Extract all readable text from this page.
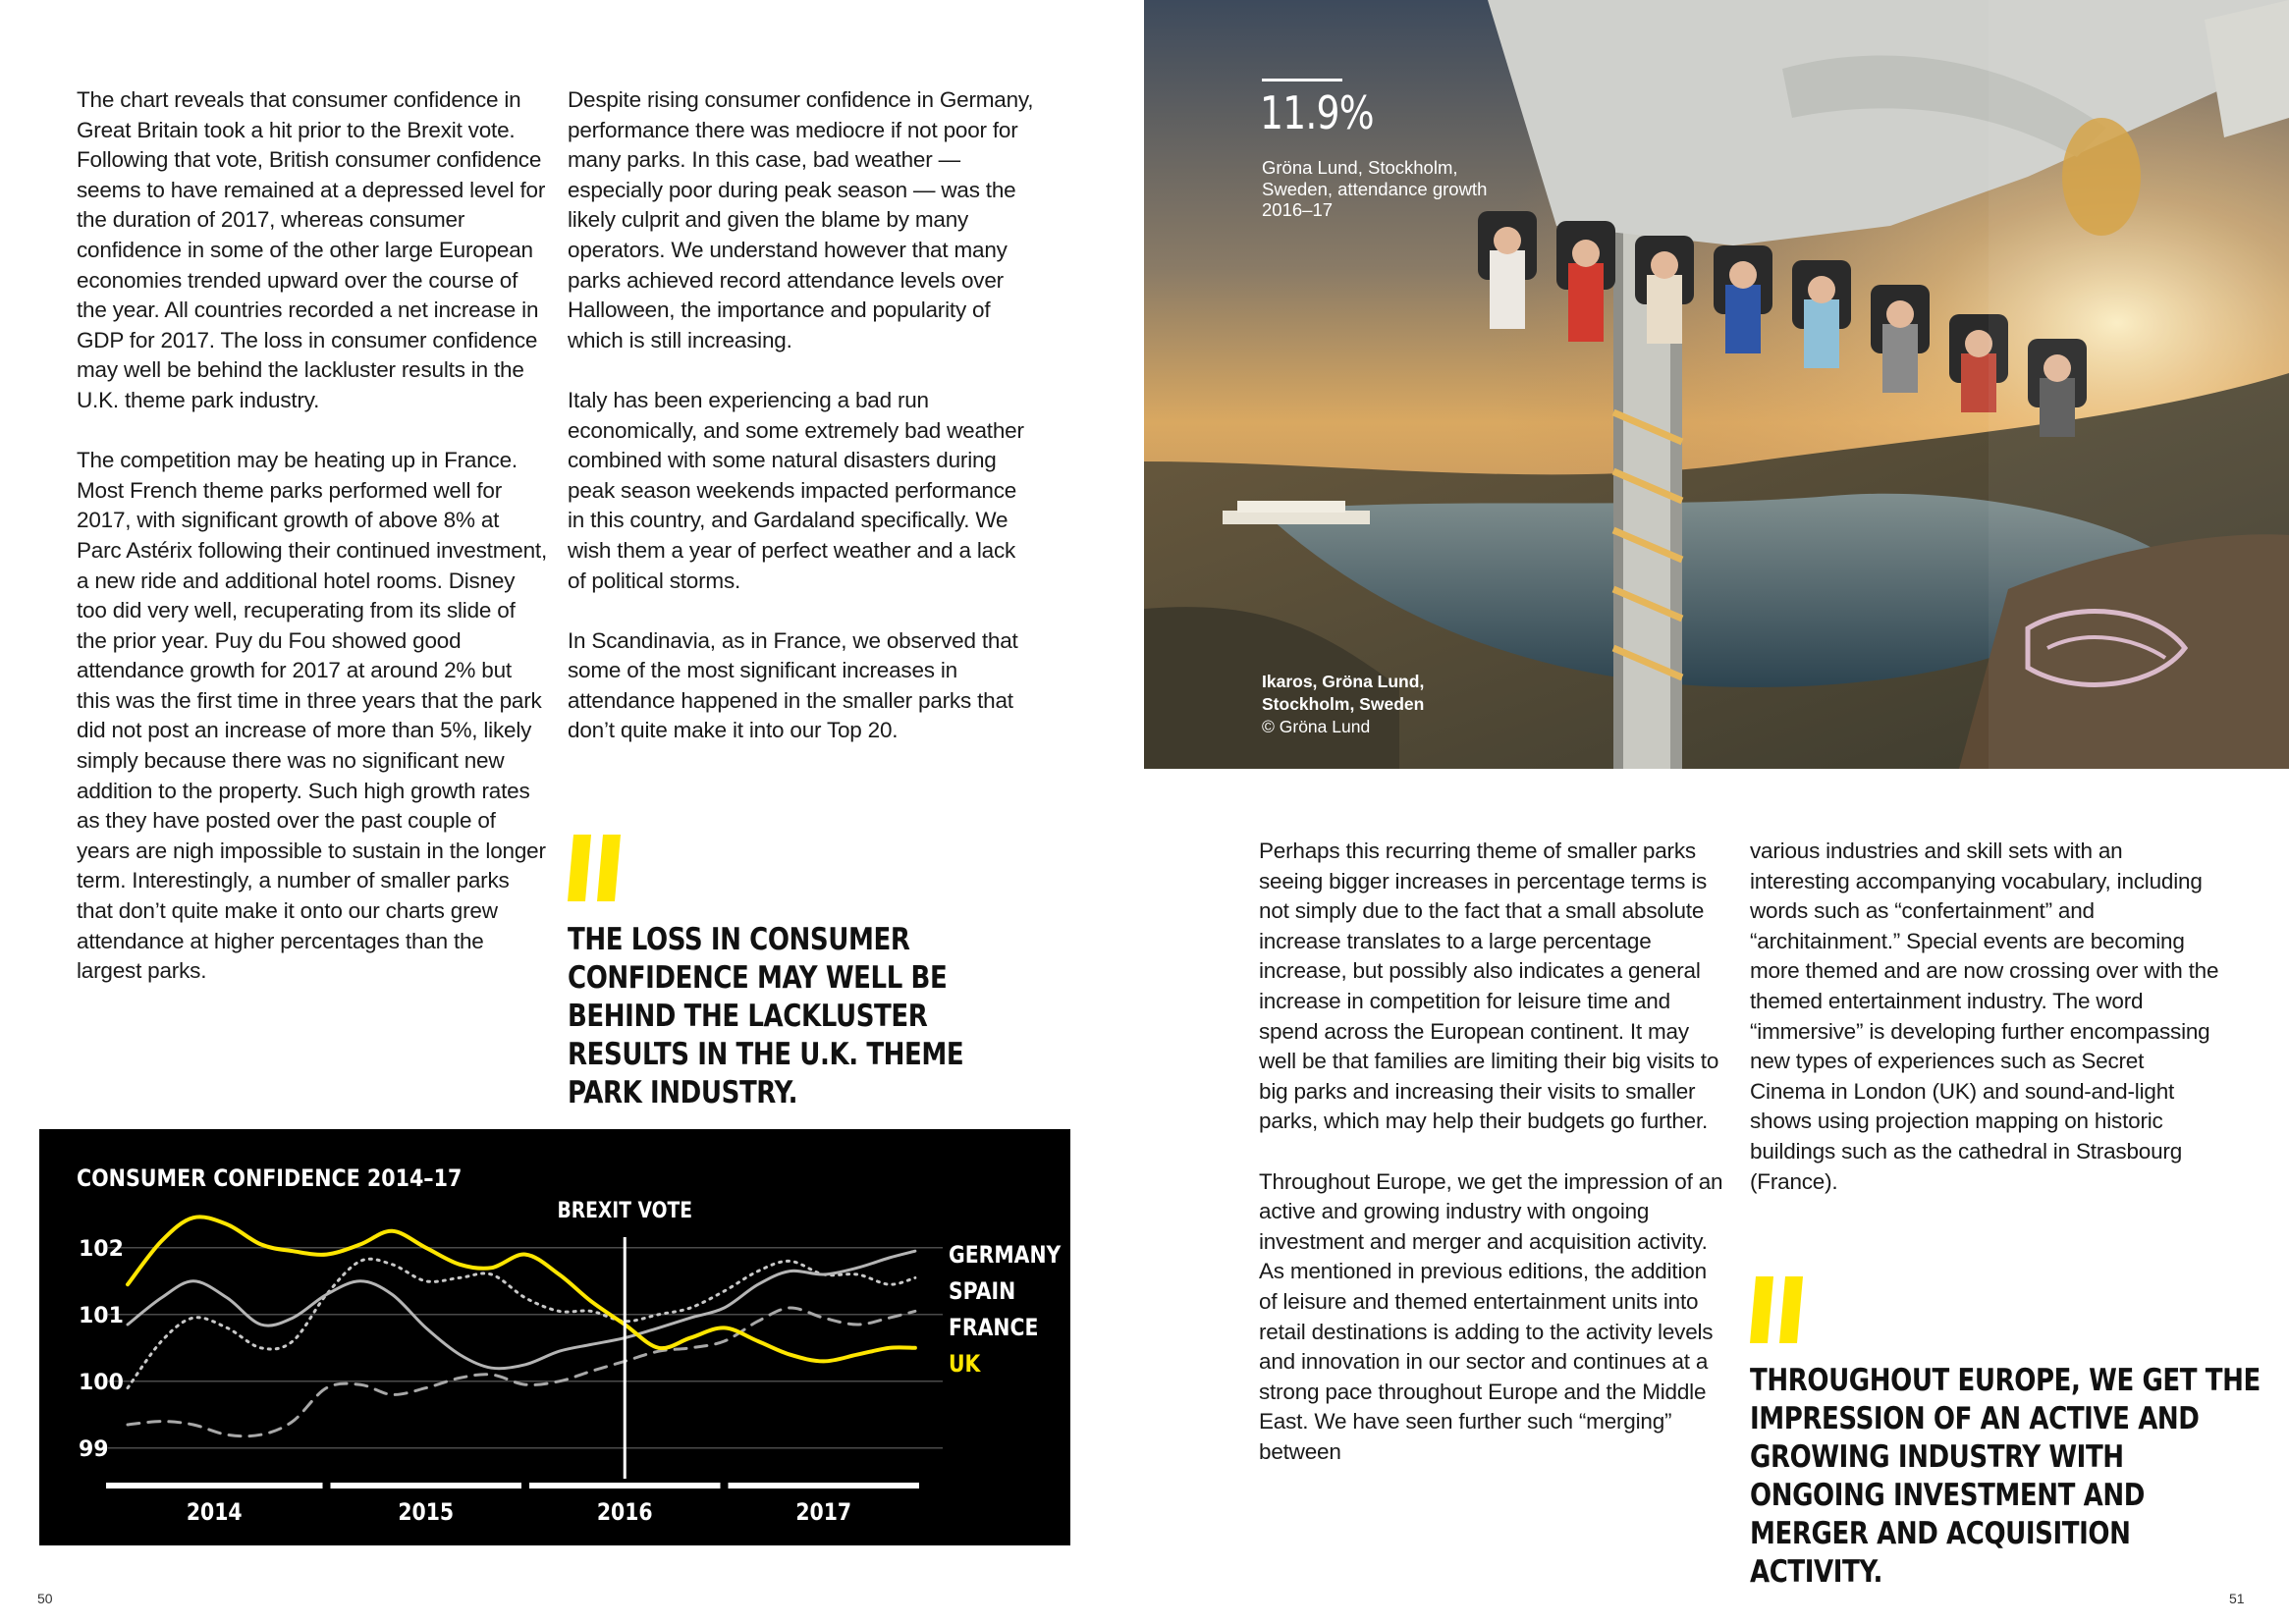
The chart reveals that consumer confidence in Great Britain took a hit prior to the Brexit vote. Following that vote, British consumer confidence seems to have remained at a depressed level for the duration of 2017, whereas consumer confidence in some of the other large European economies trended upward over the course of the year. All countries recorded a net increase in GDP for 2017. The loss in consumer confidence may well be behind the lackluster results in the U.K. theme park industry.

The competition may be heating up in France. Most French theme parks performed well for 2017, with significant growth of above 8% at Parc Astérix following their continued investment, a new ride and additional hotel rooms. Disney too did very well, recuperating from its slide of the prior year. Puy du Fou showed good attendance growth for 2017 at around 2% but this was the first time in three years that the park did not post an increase of more than 5%, likely simply because there was no significant new addition to the property. Such high growth rates as they have posted over the past couple of years are nigh impossible to sustain in the longer term. Interestingly, a number of smaller parks that don’t quite make it onto our charts grew attendance at higher percentages than the largest parks.

Despite rising consumer confidence in Germany, performance there was mediocre if not poor for many parks. In this case, bad weather — especially poor during peak season — was the likely culprit and given the blame by many operators. We understand however that many parks achieved record attendance levels over Halloween, the importance and popularity of which is still increasing.

Italy has been experiencing a bad run economically, and some extremely bad weather combined with some natural disasters during peak season weekends impacted performance in this country, and Gardaland specifically. We wish them a year of perfect weather and a lack of political storms.

In Scandinavia, as in France, we observed that some of the most significant increases in attendance happened in the smaller parks that don’t quite make it into our Top 20.

THE LOSS IN CONSUMER CONFIDENCE MAY WELL BE BEHIND THE LACKLUSTER RESULTS IN THE U.K. THEME PARK INDUSTRY.
CONSUMER CONFIDENCE 2014–17
99
100
101
102
BREXIT VOTE
2014	2015	2016	2017
GERMANY
SPAIN
FRANCE
UK
11.9%
Gröna Lund, Stockholm, Sweden, attendance growth 2016–17
Ikaros, Gröna Lund, Stockholm, Sweden
© Gröna Lund

Perhaps this recurring theme of smaller parks seeing bigger increases in percentage terms is not simply due to the fact that a small absolute increase translates to a large percentage increase, but possibly also indicates a general increase in competition for leisure time and spend across the European continent. It may well be that families are limiting their big visits to big parks and increasing their visits to smaller parks, which may help their budgets go further.

Throughout Europe, we get the impression of an active and growing industry with ongoing investment and merger and acquisition activity. As mentioned in previous editions, the addition of leisure and themed entertainment units into retail destinations is adding to the activity levels and innovation in our sector and continues at a strong pace throughout Europe and the Middle East. We have seen further such “merging” between

various industries and skill sets with an interesting accompanying vocabulary, including words such as “confertainment” and “architainment.” Special events are becoming more themed and are now crossing over with the themed entertainment industry. The word “immersive” is developing further encompassing new types of experiences such as Secret Cinema in London (UK) and sound-and-light shows using projection mapping on historic buildings such as the cathedral in Strasbourg (France).

THROUGHOUT EUROPE, WE GET THE IMPRESSION OF AN ACTIVE AND GROWING INDUSTRY WITH ONGOING INVESTMENT AND MERGER AND ACQUISITION ACTIVITY.
50	51
